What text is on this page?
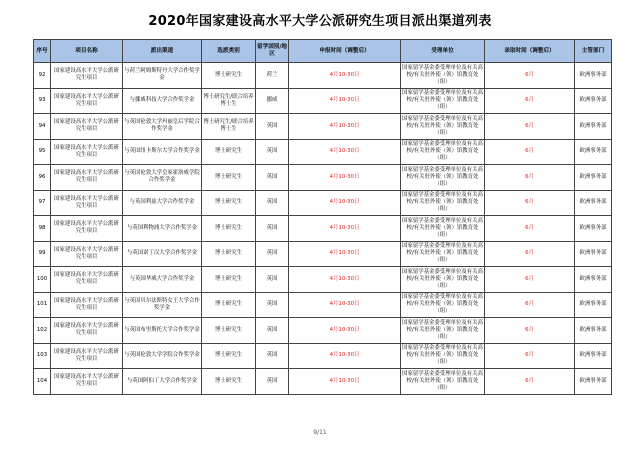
2020年国家建设高水平大学公派研究生项目派出渠道列表
序号	项目名称	派出渠道	选派类别	留学国别/地区	申报时间（调整后）	受理单位	录取时间（调整后）	主管部门
92	国家建设高水平大学公派研究生项目	与荷兰阿姆斯特丹大学合作奖学金	博士研究生	荷兰	4月10-30日	国家留学基金委受理单位及有关高校/有关驻外使（领）馆教育处（组）	6月	欧洲事务部
93	国家建设高水平大学公派研究生项目	与挪威科技大学合作奖学金	博士研究生/联合培养博士生	挪威	4月10-30日	国家留学基金委受理单位及有关高校/有关驻外使（领）馆教育处（组）	6月	欧洲事务部
94	国家建设高水平大学公派研究生项目	与英国伦敦大学玛丽皇后学院合作奖学金	博士研究生/联合培养博士生	英国	4月10-30日	国家留学基金委受理单位及有关高校/有关驻外使（领）馆教育处（组）	6月	欧洲事务部
95	国家建设高水平大学公派研究生项目	与英国纽卡斯尔大学合作奖学金	博士研究生	英国	4月10-30日	国家留学基金委受理单位及有关高校/有关驻外使（领）馆教育处（组）	6月	欧洲事务部
96	国家建设高水平大学公派研究生项目	与英国伦敦大学皇家霍洛威学院合作奖学金	博士研究生	英国	4月10-30日	国家留学基金委受理单位及有关高校/有关驻外使（领）馆教育处（组）	6月	欧洲事务部
97	国家建设高水平大学公派研究生项目	与英国利兹大学合作奖学金	博士研究生	英国	4月10-30日	国家留学基金委受理单位及有关高校/有关驻外使（领）馆教育处（组）	6月	欧洲事务部
98	国家建设高水平大学公派研究生项目	与英国利物浦大学合作奖学金	博士研究生	英国	4月10-30日	国家留学基金委受理单位及有关高校/有关驻外使（领）馆教育处（组）	6月	欧洲事务部
99	国家建设高水平大学公派研究生项目	与英国诺丁汉大学合作奖学金	博士研究生	英国	4月10-30日	国家留学基金委受理单位及有关高校/有关驻外使（领）馆教育处（组）	6月	欧洲事务部
100	国家建设高水平大学公派研究生项目	与英国华威大学合作奖学金	博士研究生	英国	4月10-30日	国家留学基金委受理单位及有关高校/有关驻外使（领）馆教育处（组）	6月	欧洲事务部
101	国家建设高水平大学公派研究生项目	与英国贝尔法斯特女王大学合作奖学金	博士研究生	英国	4月10-30日	国家留学基金委受理单位及有关高校/有关驻外使（领）馆教育处（组）	6月	欧洲事务部
102	国家建设高水平大学公派研究生项目	与英国布里斯托大学合作奖学金	博士研究生	英国	4月10-30日	国家留学基金委受理单位及有关高校/有关驻外使（领）馆教育处（组）	6月	欧洲事务部
103	国家建设高水平大学公派研究生项目	与英国伦敦大学学院合作奖学金	博士研究生	英国	4月10-30日	国家留学基金委受理单位及有关高校/有关驻外使（领）馆教育处（组）	6月	欧洲事务部
104	国家建设高水平大学公派研究生项目	与英国阿伯丁大学合作奖学金	博士研究生	英国	4月10-30日	国家留学基金委受理单位及有关高校/有关驻外使（领）馆教育处（组）	6月	欧洲事务部
9/11
